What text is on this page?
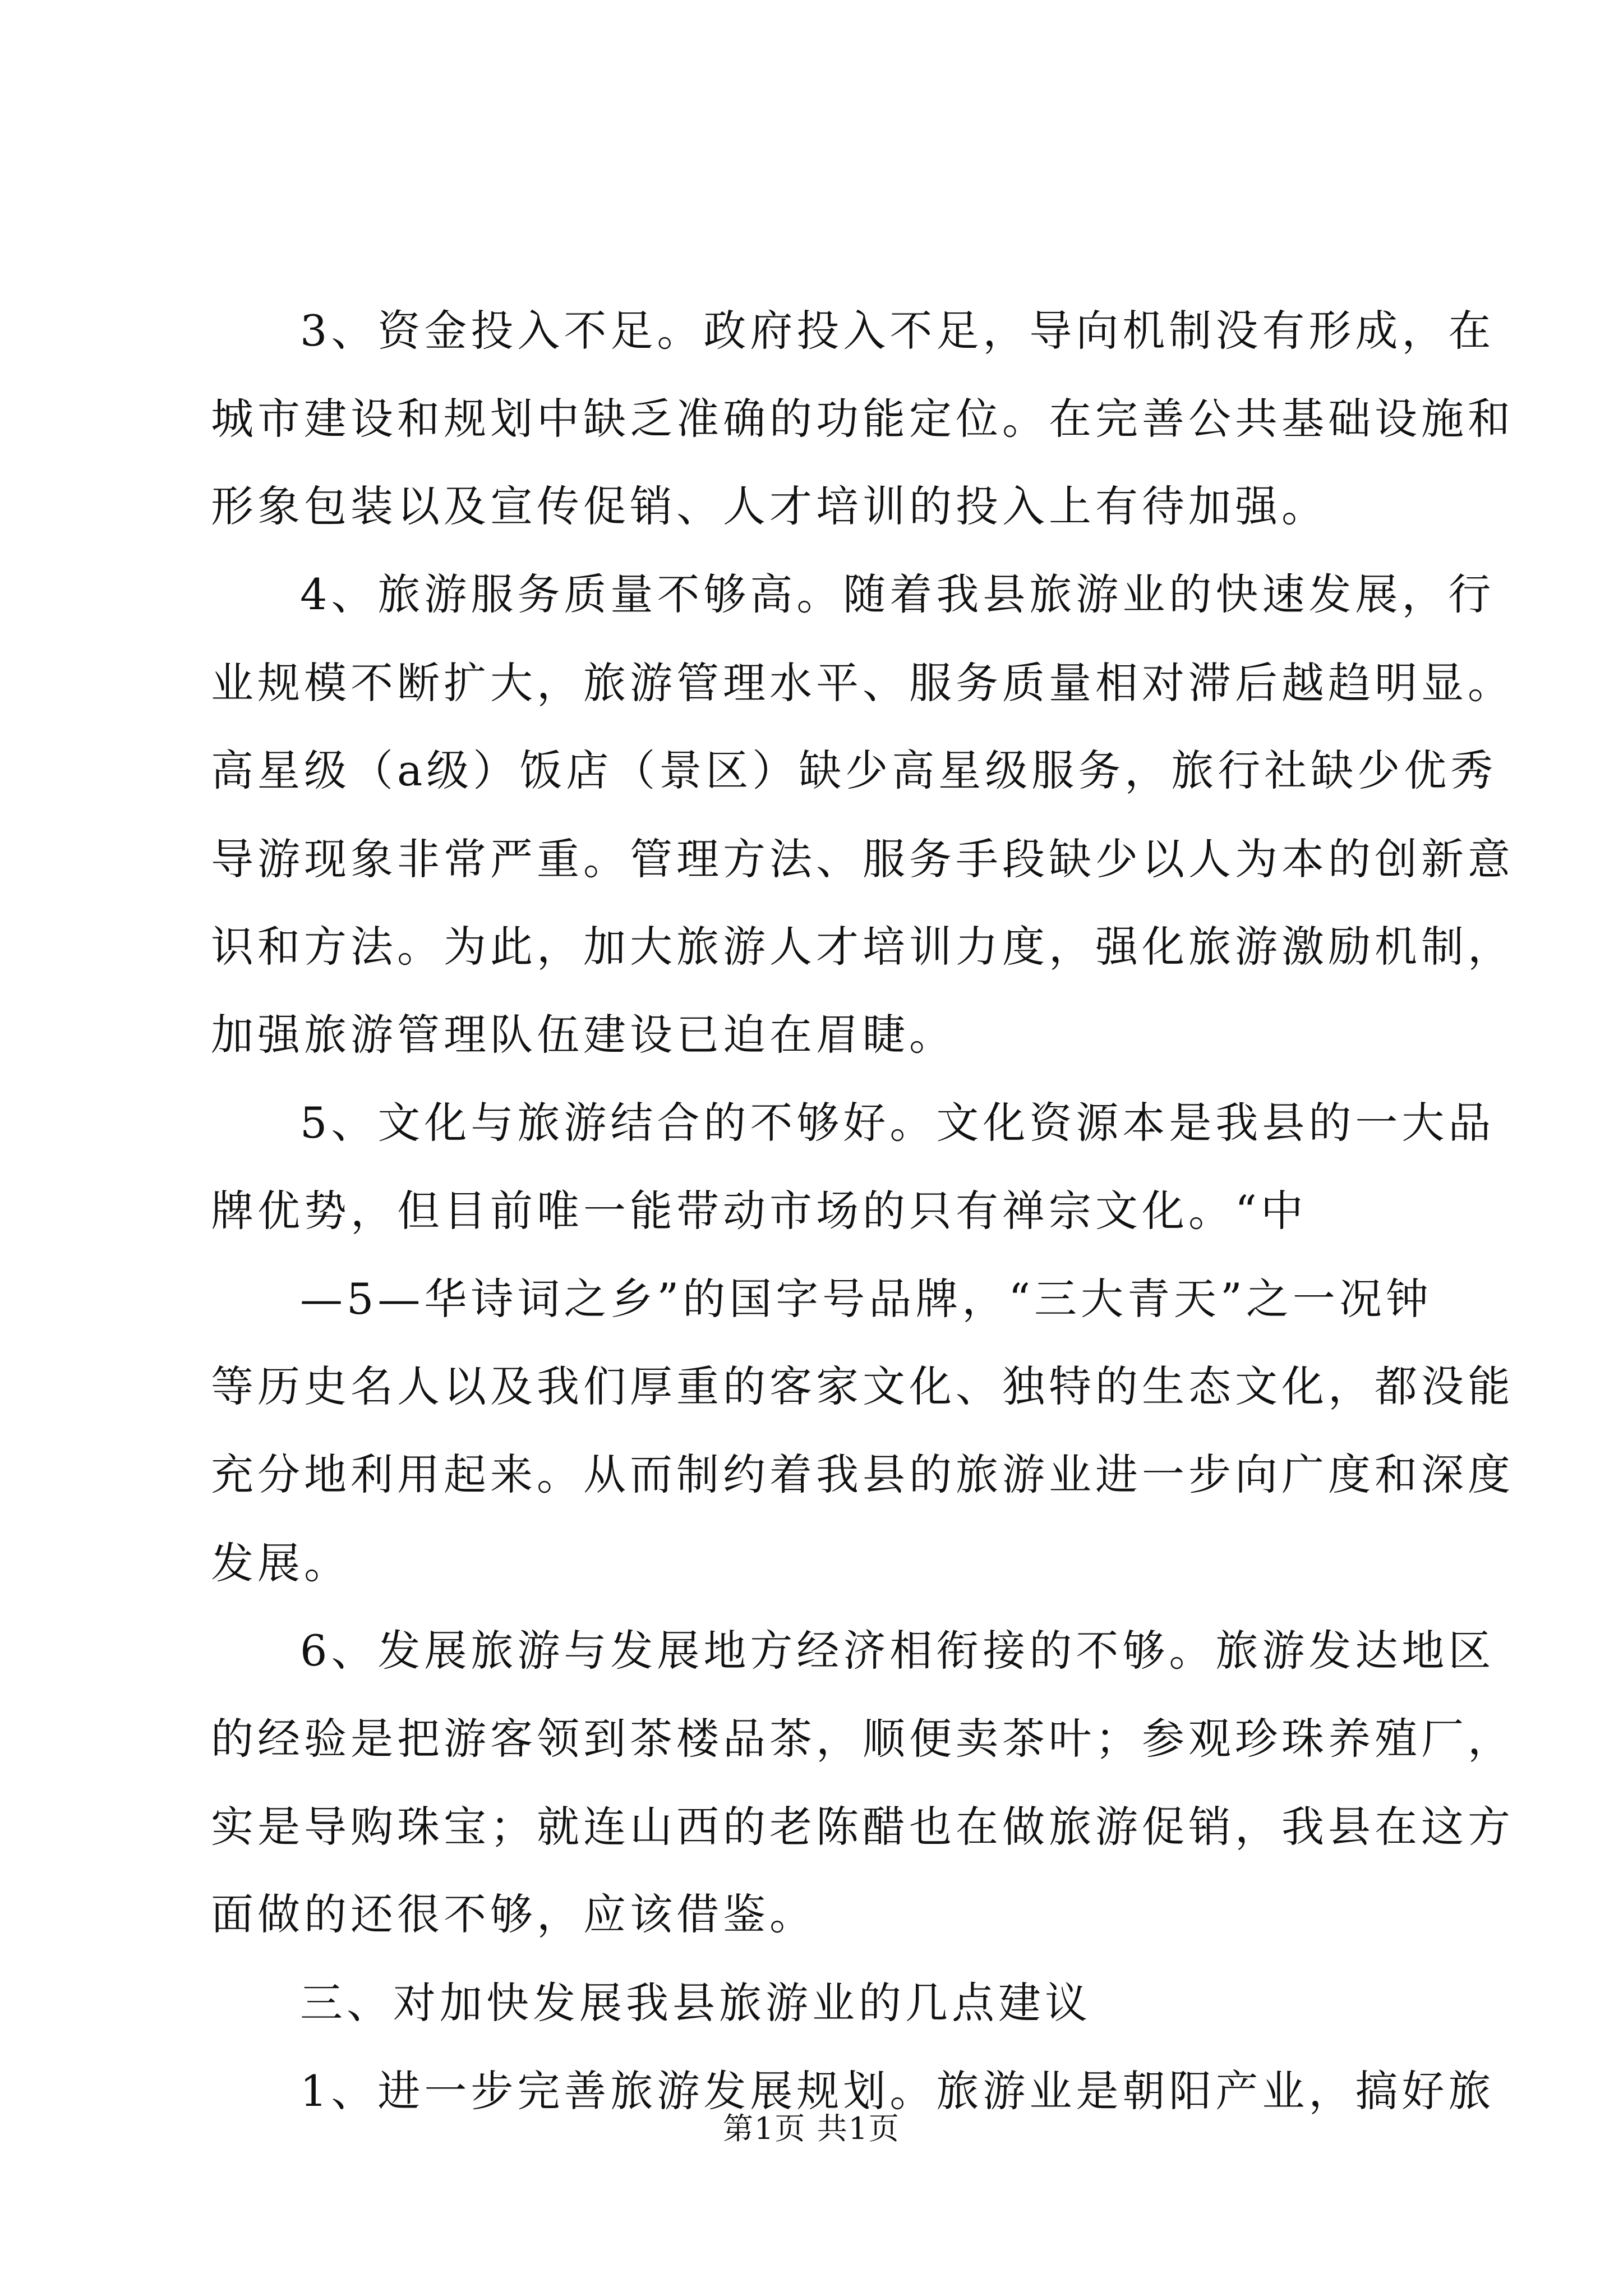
3、资金投入不足。政府投入不足，导向机制没有形成，在
城市建设和规划中缺乏准确的功能定位。在完善公共基础设施和
形象包装以及宣传促销、人才培训的投入上有待加强。
4、旅游服务质量不够高。随着我县旅游业的快速发展，行
业规模不断扩大，旅游管理水平、服务质量相对滞后越趋明显。
高星级（a级）饭店（景区）缺少高星级服务，旅行社缺少优秀
导游现象非常严重。管理方法、服务手段缺少以人为本的创新意
识和方法。为此，加大旅游人才培训力度，强化旅游激励机制，
加强旅游管理队伍建设已迫在眉睫。
5、文化与旅游结合的不够好。文化资源本是我县的一大品
牌优势，但目前唯一能带动市场的只有禅宗文化。“中
—5—华诗词之乡”的国字号品牌，“三大青天”之一况钟
等历史名人以及我们厚重的客家文化、独特的生态文化，都没能
充分地利用起来。从而制约着我县的旅游业进一步向广度和深度
发展。
6、发展旅游与发展地方经济相衔接的不够。旅游发达地区
的经验是把游客领到茶楼品茶，顺便卖茶叶；参观珍珠养殖厂，
实是导购珠宝；就连山西的老陈醋也在做旅游促销，我县在这方
面做的还很不够，应该借鉴。
三、对加快发展我县旅游业的几点建议
1、进一步完善旅游发展规划。旅游业是朝阳产业，搞好旅
第1页 共1页
